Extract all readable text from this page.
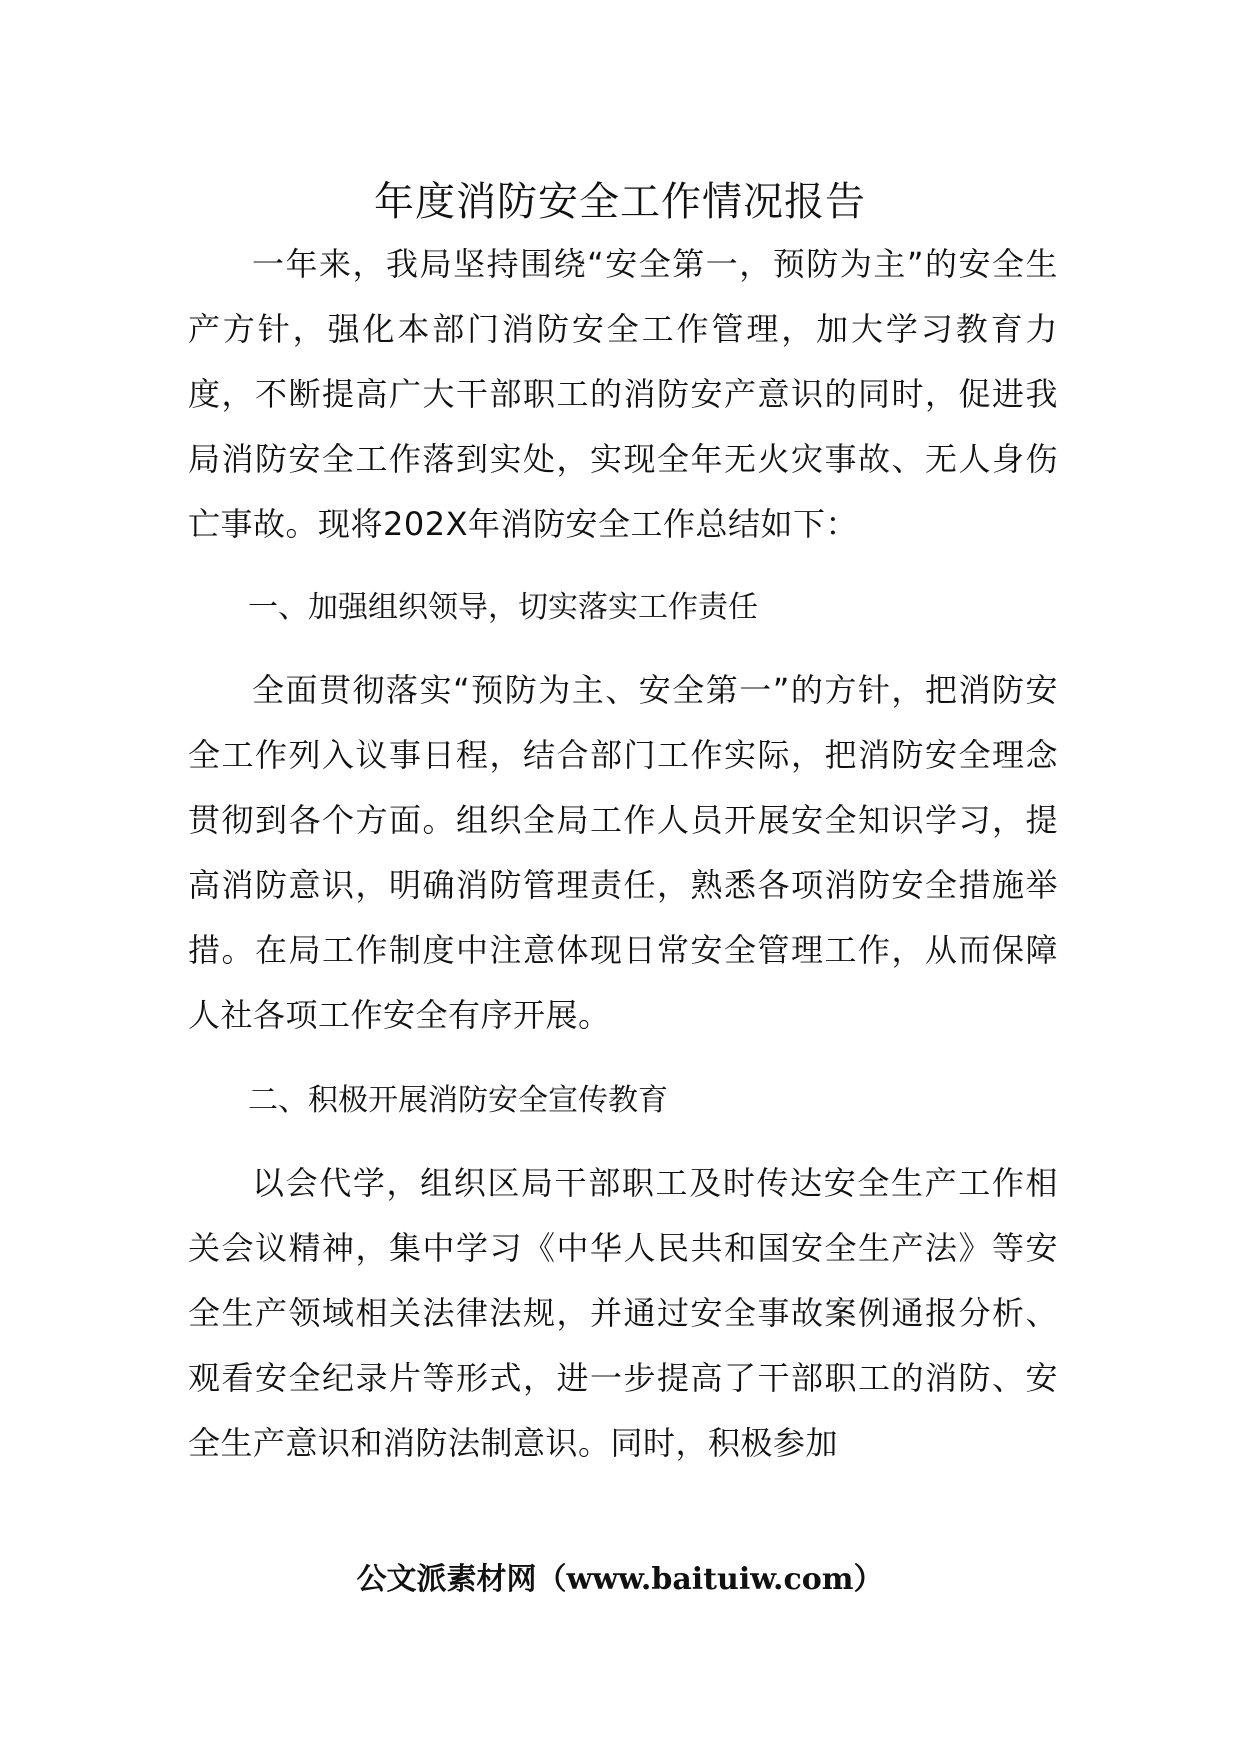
年度消防安全工作情况报告

一年来，我局坚持围绕“安全第一，预防为主”的安全生产方针，强化本部门消防安全工作管理，加大学习教育力度，不断提高广大干部职工的消防安产意识的同时，促进我局消防安全工作落到实处，实现全年无火灾事故、无人身伤亡事故。现将202X年消防安全工作总结如下：

一、加强组织领导，切实落实工作责任

全面贯彻落实“预防为主、安全第一”的方针，把消防安全工作列入议事日程，结合部门工作实际，把消防安全理念贯彻到各个方面。组织全局工作人员开展安全知识学习，提高消防意识，明确消防管理责任，熟悉各项消防安全措施举措。在局工作制度中注意体现日常安全管理工作，从而保障人社各项工作安全有序开展。

二、积极开展消防安全宣传教育

以会代学，组织区局干部职工及时传达安全生产工作相关会议精神，集中学习《中华人民共和国安全生产法》等安全生产领域相关法律法规，并通过安全事故案例通报分析、观看安全纪录片等形式，进一步提高了干部职工的消防、安全生产意识和消防法制意识。同时，积极参加

公文派素材网（www.baituiw.com）
